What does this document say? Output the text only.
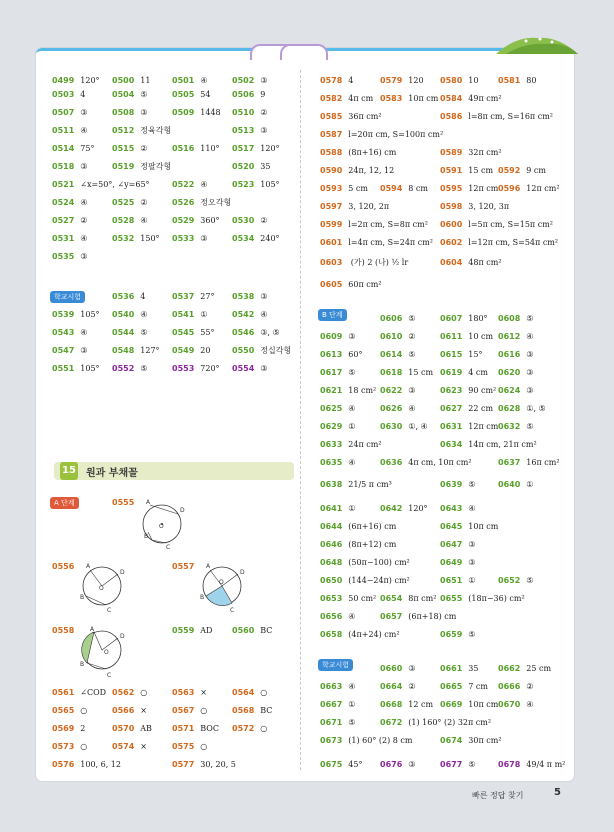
0499 120° 0500 11	0501 ④	0502 ③
0503 4	0504 ⑤	0505 54	0506 9
0507 ③	0508 ③	0509 1448 0510 ②
0511 ④	0512 정육각형	0513 ③
0514 75° 0515 ②	0516 110° 0517 120°
0518 ③	0519 정팔각형	0520 35
0521 ∠x=50°, ∠y=65°	0522 ④	0523 105°
0524 ④	0525 ②	0526 정오각형
0527 ②	0528 ④	0529 360° 0530 ②
0531 ④	0532 150° 0533 ③	0534 240°
0535 ③
0536 4	0537 27° 0538 ③
0539 105° 0540 ④	0541 ①	0542 ④
0543 ④	0544 ⑤	0545 55° 0546 ③, ⑤
0547 ③	0548 127° 0549 20	0550 정십각형
0551 105° 0552 ⑤	0553 720° 0554 ③
0555
0556	0557
0558	0559 AD 0560 BC
0561 ∠COD 0562 ○	0563 ×	0564 ○
0565 ○	0566 ×	0567 ○	0568 BC
0569 2	0570 AB	0571 BOC 0572 ○
0573 ○	0574 ×	0575 ○
0576 100, 6, 12	0577 30, 20, 5
0578 4	0579 120 0580 10 0581 80
0582 4π cm 0583 10π cm 0584 49π cm²
0585 36π cm²	0586 l=8π cm, S=16π cm²
0587 l=20π cm, S=100π cm²
0588 (8π+16) cm	0589 32π cm²
0590 24π, 12, 12	0591 15 cm 0592 9 cm
0593 5 cm 0594 8 cm 0595 12π cm 0596 12π cm²
0597 3, 120, 2π	0598 3, 120, 3π
0599 l=2π cm, S=8π cm² 0600 l=5π cm, S=15π cm²
0601 l=4π cm, S=24π cm² 0602 l=12π cm, S=54π cm²
0603 (가) 2 (나) ½ lr	0604 48π cm²
0605 60π cm²
0606 ⑤	0607 180° 0608 ⑤
0609 ③	0610 ②	0611 10 cm 0612 ④
0613 60° 0614 ⑤	0615 15° 0616 ③
0617 ⑤	0618 15 cm 0619 4 cm 0620 ③
0621 18 cm² 0622 ③	0623 90 cm² 0624 ③
0625 ④	0626 ④	0627 22 cm 0628 ①, ⑤
0629 ①	0630 ①, ④ 0631 12π cm 0632 ⑤
0633 24π cm²	0634 14π cm, 21π cm²
0635 ④	0636 4π cm, 10π cm²	0637 16π cm²
0638 21/5 π cm³	0639 ⑤	0640 ①
0641 ①	0642 120° 0643 ④
0644 (6π+16) cm	0645 10π cm
0646 (8π+12) cm	0647 ③
0648 (50π−100) cm²	0649 ③
0650 (144−24π) cm²	0651 ①	0652 ⑤
0653 50 cm² 0654 8π cm² 0655 (18π−36) cm²
0656 ④	0657 (6π+18) cm
0658 (4π+24) cm²	0659 ⑤
0660 ③	0661 35 0662 25 cm
0663 ④	0664 ②	0665 7 cm 0666 ②
0667 ①	0668 12 cm 0669 10π cm 0670 ④
0671 ⑤	0672 (1) 160° (2) 32π cm²
0673 (1) 60° (2) 8 cm	0674 30π cm²
0675 45° 0676 ③	0677 ⑤	0678 49/4 π m²
학교시험
B 단계
학교시험
A 단계
15 원과 부채꼴
A
D
O
B
C
A
D
O
B
C
A
D
O
B
C
A
D
O
B
C
빠른 정답 찾기	5
